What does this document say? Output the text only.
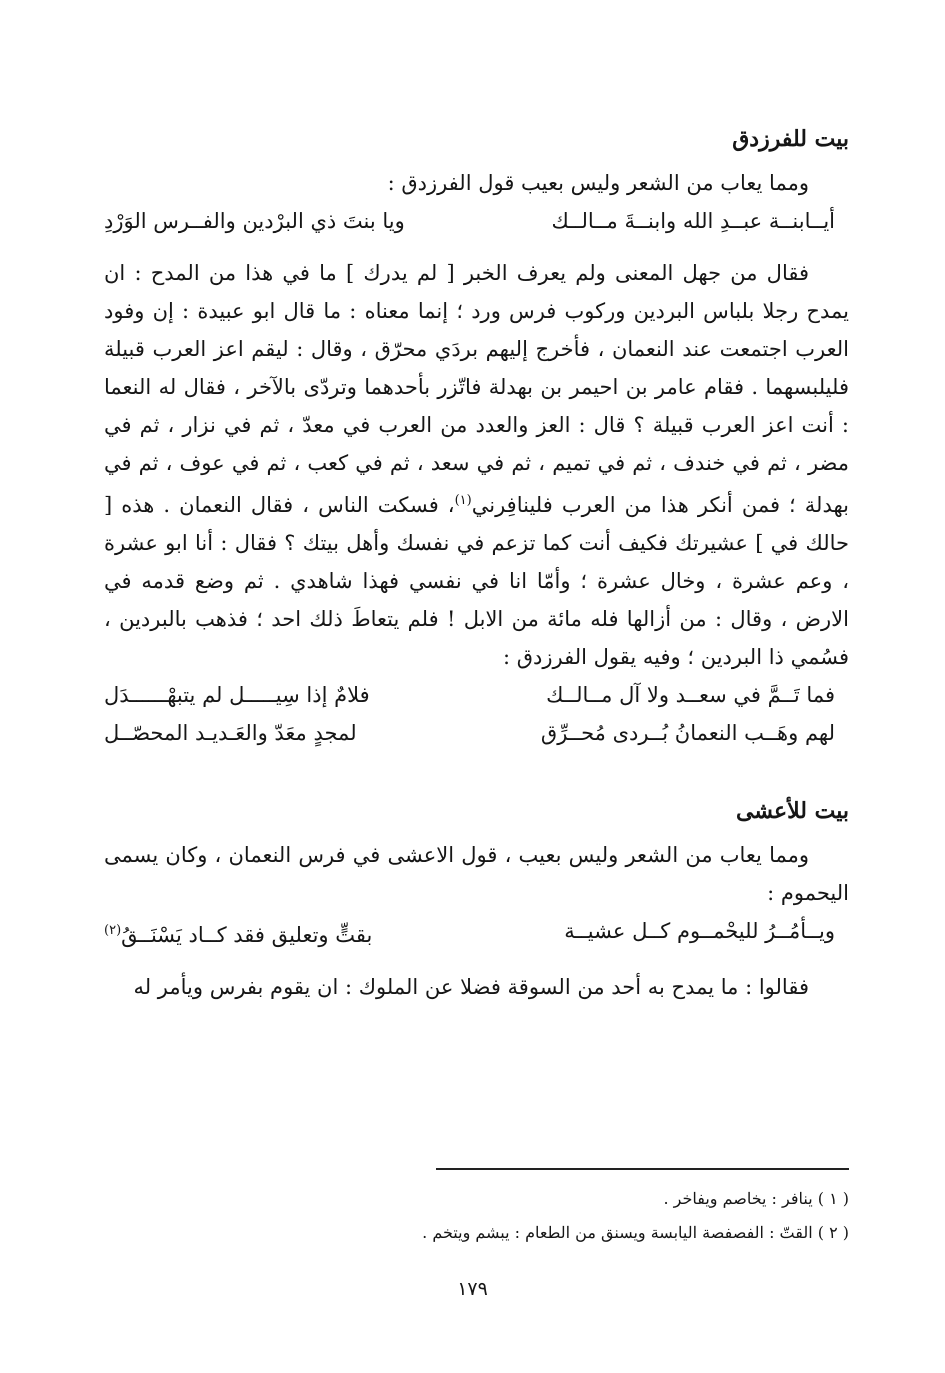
بيت للفرزدق

ومما يعاب من الشعر وليس بعيب قول الفرزدق :

أيــابنــة عبــدِ الله وابنــةَ مــالــك
ويا بنتَ ذي البرْدين والفــرس الوَرْدِ

فقال من جهل المعنى ولم يعرف الخبر [ لم يدرك ] ما في هذا من المدح : ان يمدح رجلا بلباس البردين وركوب فرس ورد ؛ إنما معناه : ما قال ابو عبيدة : إن وفود العرب اجتمعت عند النعمان ، فأخرج إليهم بردَي محرّق ، وقال : ليقم اعز العرب قبيلة فليلبسهما . فقام عامر بن احيمر بن بهدلة فاتّزر بأحدهما وتردّى بالآخر ، فقال له النعما : أنت اعز العرب قبيلة ؟ قال : العز والعدد من العرب في معدّ ، ثم في نزار ، ثم في مضر ، ثم في خندف ، ثم في تميم ، ثم في سعد ، ثم في كعب ، ثم في عوف ، ثم في بهدلة ؛ فمن أنكر هذا من العرب فلينافِرني$^{(١)}$، فسكت الناس ، فقال النعمان . هذه [ حالك في ] عشيرتك فكيف أنت كما تزعم في نفسك وأهل بيتك ؟ فقال : أنا ابو عشرة ، وعم عشرة ، وخال عشرة ؛ وأمّا انا في نفسي فهذا شاهدي . ثم وضع قدمه في الارض ، وقال : من أزالها فله مائة من الابل ! فلم يتعاطَ ذلك احد ؛ فذهب بالبردين ، فسُمي ذا البردين ؛ وفيه يقول الفرزدق :

فما تَــمَّ في سعــد ولا آل مــالــك
فلامٌ إذا سِيـــــل لم يتبهْــــــدَل
لهم وهَــب النعمانُ بُــردى مُحــرِّق
لمجدٍ معَدّ والعَـديـد المحصّــل
بيت للأعشى

ومما يعاب من الشعر وليس بعيب ، قول الاعشى في فرس النعمان ، وكان يسمى اليحموم :

ويــأمُــرُ لليحْمــوم كــل عشيــة
بقتٍّ وتعليق فقد كــاد يَسْنَــقُ$^{(٢)}$

فقالوا : ما يمدح به أحد من السوقة فضلا عن الملوك : ان يقوم بفرس ويأمر له

( ١ ) ينافر : يخاصم ويفاخر .
( ٢ ) القتّ : الفصفصة اليابسة ويسنق من الطعام : يبشم ويتخم .
١٧٩
